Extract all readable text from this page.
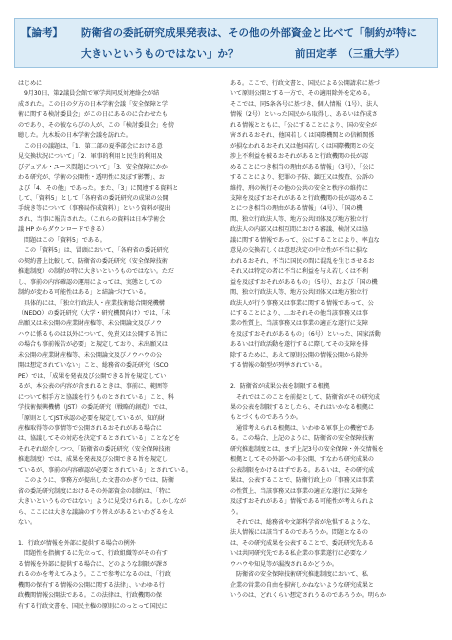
【論考】 防衛省の委託研究成果発表は、その他の外部資金と比べて「制約が特に
大きいというものではない」か？	前田定孝　（三重大学）

はじめに

　9月30日、第2議員会館で軍学共同反対連絡会が結

成された。この日の夕方の日本学術会議「安全保障と学

術に関する検討委員会」がこの日にあるのに合わせたも

のであり、その彼ならびの人が、この「検討委員会」を傍

聴した。九木坂の日本学術会議を訪れた。

　この日の議題は、「1．第二部の夏季部会における意

見交換状況について」「2．軍事的利用と民生的利用及

びデュアル・ユース問題について」「3．安全保障にかか

わる研究が、学術の公開性・透明性に及ぼす影響」、お

よび「4．その他」であった。また、「3」に関連する資料と

して、「資料5」として「各府省の委託研究の成果の公開

手続き等について（事務局作成資料）」という資料が提出

され、当事に報告された。（これらの資料は日本学術会

議 HP からダウンロードできる）

　問題はこの「資料5」である。

　この「資料5」は、冒頭において、「各府省の委託研究

の契約書上比較して、防衛省の委託研究（安全保障技術

推進制度）の制約が特に大きいというものではない。ただ

し、事前の内容確認の運用によっては、実態としての

制約が変わる可能性はある」と結論づけている。

　具体的には、「独立行政法人・産業技術総合開発機構

（NEDO）の委託研究（大学・研究機関向け）では、「未

出願又は未公開の産業財産権等、未公開論文及びノウ

ハウに係るものは以外について、免責又は公開する旨に

の場合も事前報告が必要」と規定しており、未出願又は

未公開の産業財産権等、未公開論文及びノウハウの公

開は想定されていない」こと、総務省の委託研究（SCO

PE）では、「成果を発表及び公開できる旨を規定してい

るが、本公表の内容が含まれるときは、事前に、範囲等

について相手方と協議を行うものとされている」こと、科

学技術振興機構（JST）の委託研究（戦略的創造）では、

「原則としてJST承認の必要を規定しているが、知的財

産権取得等の事情等で公開されるおそれがある場合に

は、協議してその対応を決定するとされている」ことなどを

それぞれ紹介しつつ、「防衛省の委託研究（安全保障技術

推進制度）では、成果を発表及び公開できる旨を規定し

ているが、事前の内容確認が必要とされている」とされている。

　このように、事務方が提出した文書のかぎりでは、防衛

省の委託研究制度におけるその外部資金の制約は、「特に

大きいというものではない」ように見受けられる。しかしなが

ら、ここには大きな議論のすり替えがあるといわざるをえ

ない。

1．行政が情報を外部に提供する場合の例外

　問題性を指摘するに先立って、行政組織等がその有す

る情報を外部に提供する場合に、どのような制限が課さ

れるのかを考えてみよう。ここで参考になるのは、「行政

機関の保有する情報の公開に関する法律」、いわゆる行

政機関情報公開法である。この法律は、行政機関の保

有する行政文書を、国民主権の原則にのっとって国民に

ある。ここで、行政文書と、国民による公開請求に基づ

いて原則公開とする一方で、その適用除外を定める。

そこでは、同5条各号に基づき、個人情報（1号）、法人

情報（2号）といった国民から取得し、あるいは作成さ

れる情報とともに、「公にすることにより、国の安全が

害されるおそれ、他国若しくは国際機関との信頼関係

が損なわれるおそれ又は他国若しくは国際機関との交

渉上不利益を被るおそれがあると行政機関の長が認

めることにつき相当の理由がある情報」（3号）、「公に

することにより、犯罪の予防、鎮圧又は捜査、公訴の

維持、刑の執行その他の公共の安全と秩序の維持に

支障を及ぼすおそれがあると行政機関の長が認めるこ

とにつき相当の理由がある情報」（4号）、「国の機

関、独立行政法人等、地方公共団体及び地方独立行

政法人の内部又は相互間における審議、検討又は協

議に関する情報であって、公にすることにより、率直な

意見の交換若しくは意思決定の中立性が不当に損な

われるおそれ、不当に国民の間に混乱を生じさせるお

それ又は特定の者に不当に利益を与え若しくは不利

益を及ぼすおそれがあるもの」（5号）、および「国の機

関、独立行政法人等、地方公共団体又は地方独立行

政法人が行う事務又は事業に関する情報であって、公

にすることにより、…おそれその他当該事務又は事

業の性質上、当該事務又は事業の適正な遂行に支障

を及ぼすおそれがあるもの」（6号）といった、国家活動

あるいは行政活動を遂行するに際してその支障を排

除するために、あえて原則公開の情報公開から除外

する情報の類型が列挙されている。

2．防衛省が成果公表を制限する根拠

　それではこのことを前提として、防衛省がその研究成

果の公表を制限するとしたら、それはいかなる根拠に

もとづくものであろうか。

　通常考えられる根拠は、いわゆる軍事上の機密であ

る。この場合、上記のように、防衛省の安全保障技術

研究推進制度とは、まず上記3号の安全保障・外交情報を

根拠としてその外部への非公開、すなわち研究成果の

公表制限をかけるはずである。あるいは、その研究成

果は、公表することで、防衛行政上の「事務又は事業

の性質上、当該事務又は事業の適正な遂行に支障を

及ぼすおそれがある」情報である可能性が考えられよ

う。

　それでは、総務省や文部科学省が危惧するような、

法人情報には該当するのであろうか。問題となるの

は、その研究成果を公表することで、委託研究先ある

いは共同研究先である私企業の事業遂行に必要なノ

ウハウや知見等が漏洩されるかどうか。

　防衛省の安全保障技術研究推進制度において、私

企業の営業の自由を損害しかねないような研究成果と

いうのは、どれくらい想定されうるのであろうか。明らか
